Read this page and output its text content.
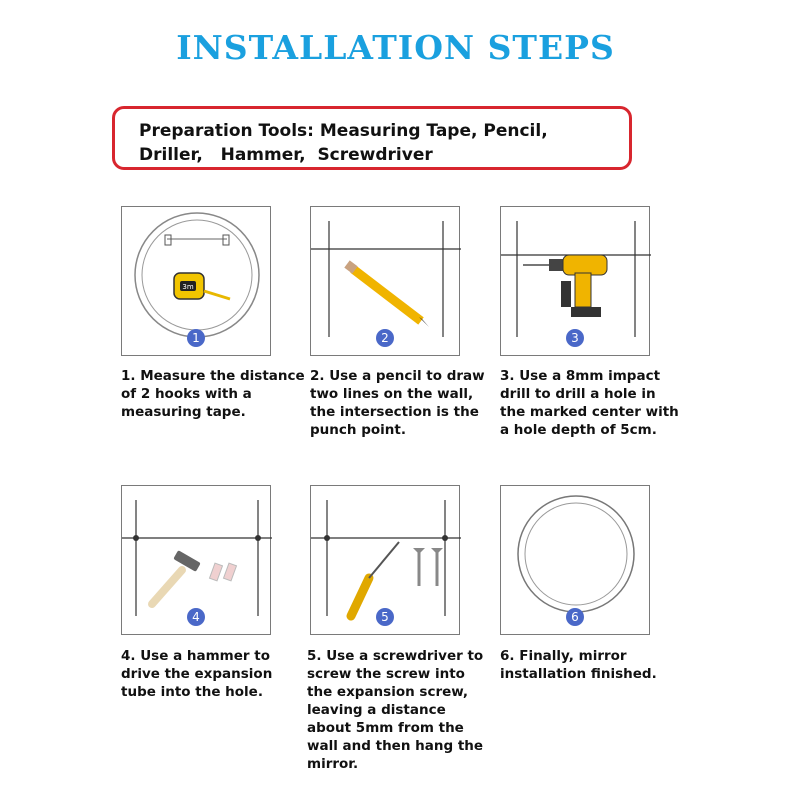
INSTALLATION STEPS
Preparation Tools: Measuring Tape, Pencil,
Driller,   Hammer,  Screwdriver
3m
1	2	3
4	5	6
1. Measure the distance of 2 hooks with a measuring tape.
2. Use a pencil to draw two lines on the wall, the intersection is the punch point.
3. Use a 8mm impact drill to drill a hole in the marked center with a hole depth of 5cm.
4. Use a hammer to drive the expansion tube into the hole.
5. Use a screwdriver to screw the screw into the expansion screw, leaving a distance about 5mm from the wall and then hang the mirror.
6. Finally, mirror installation finished.
